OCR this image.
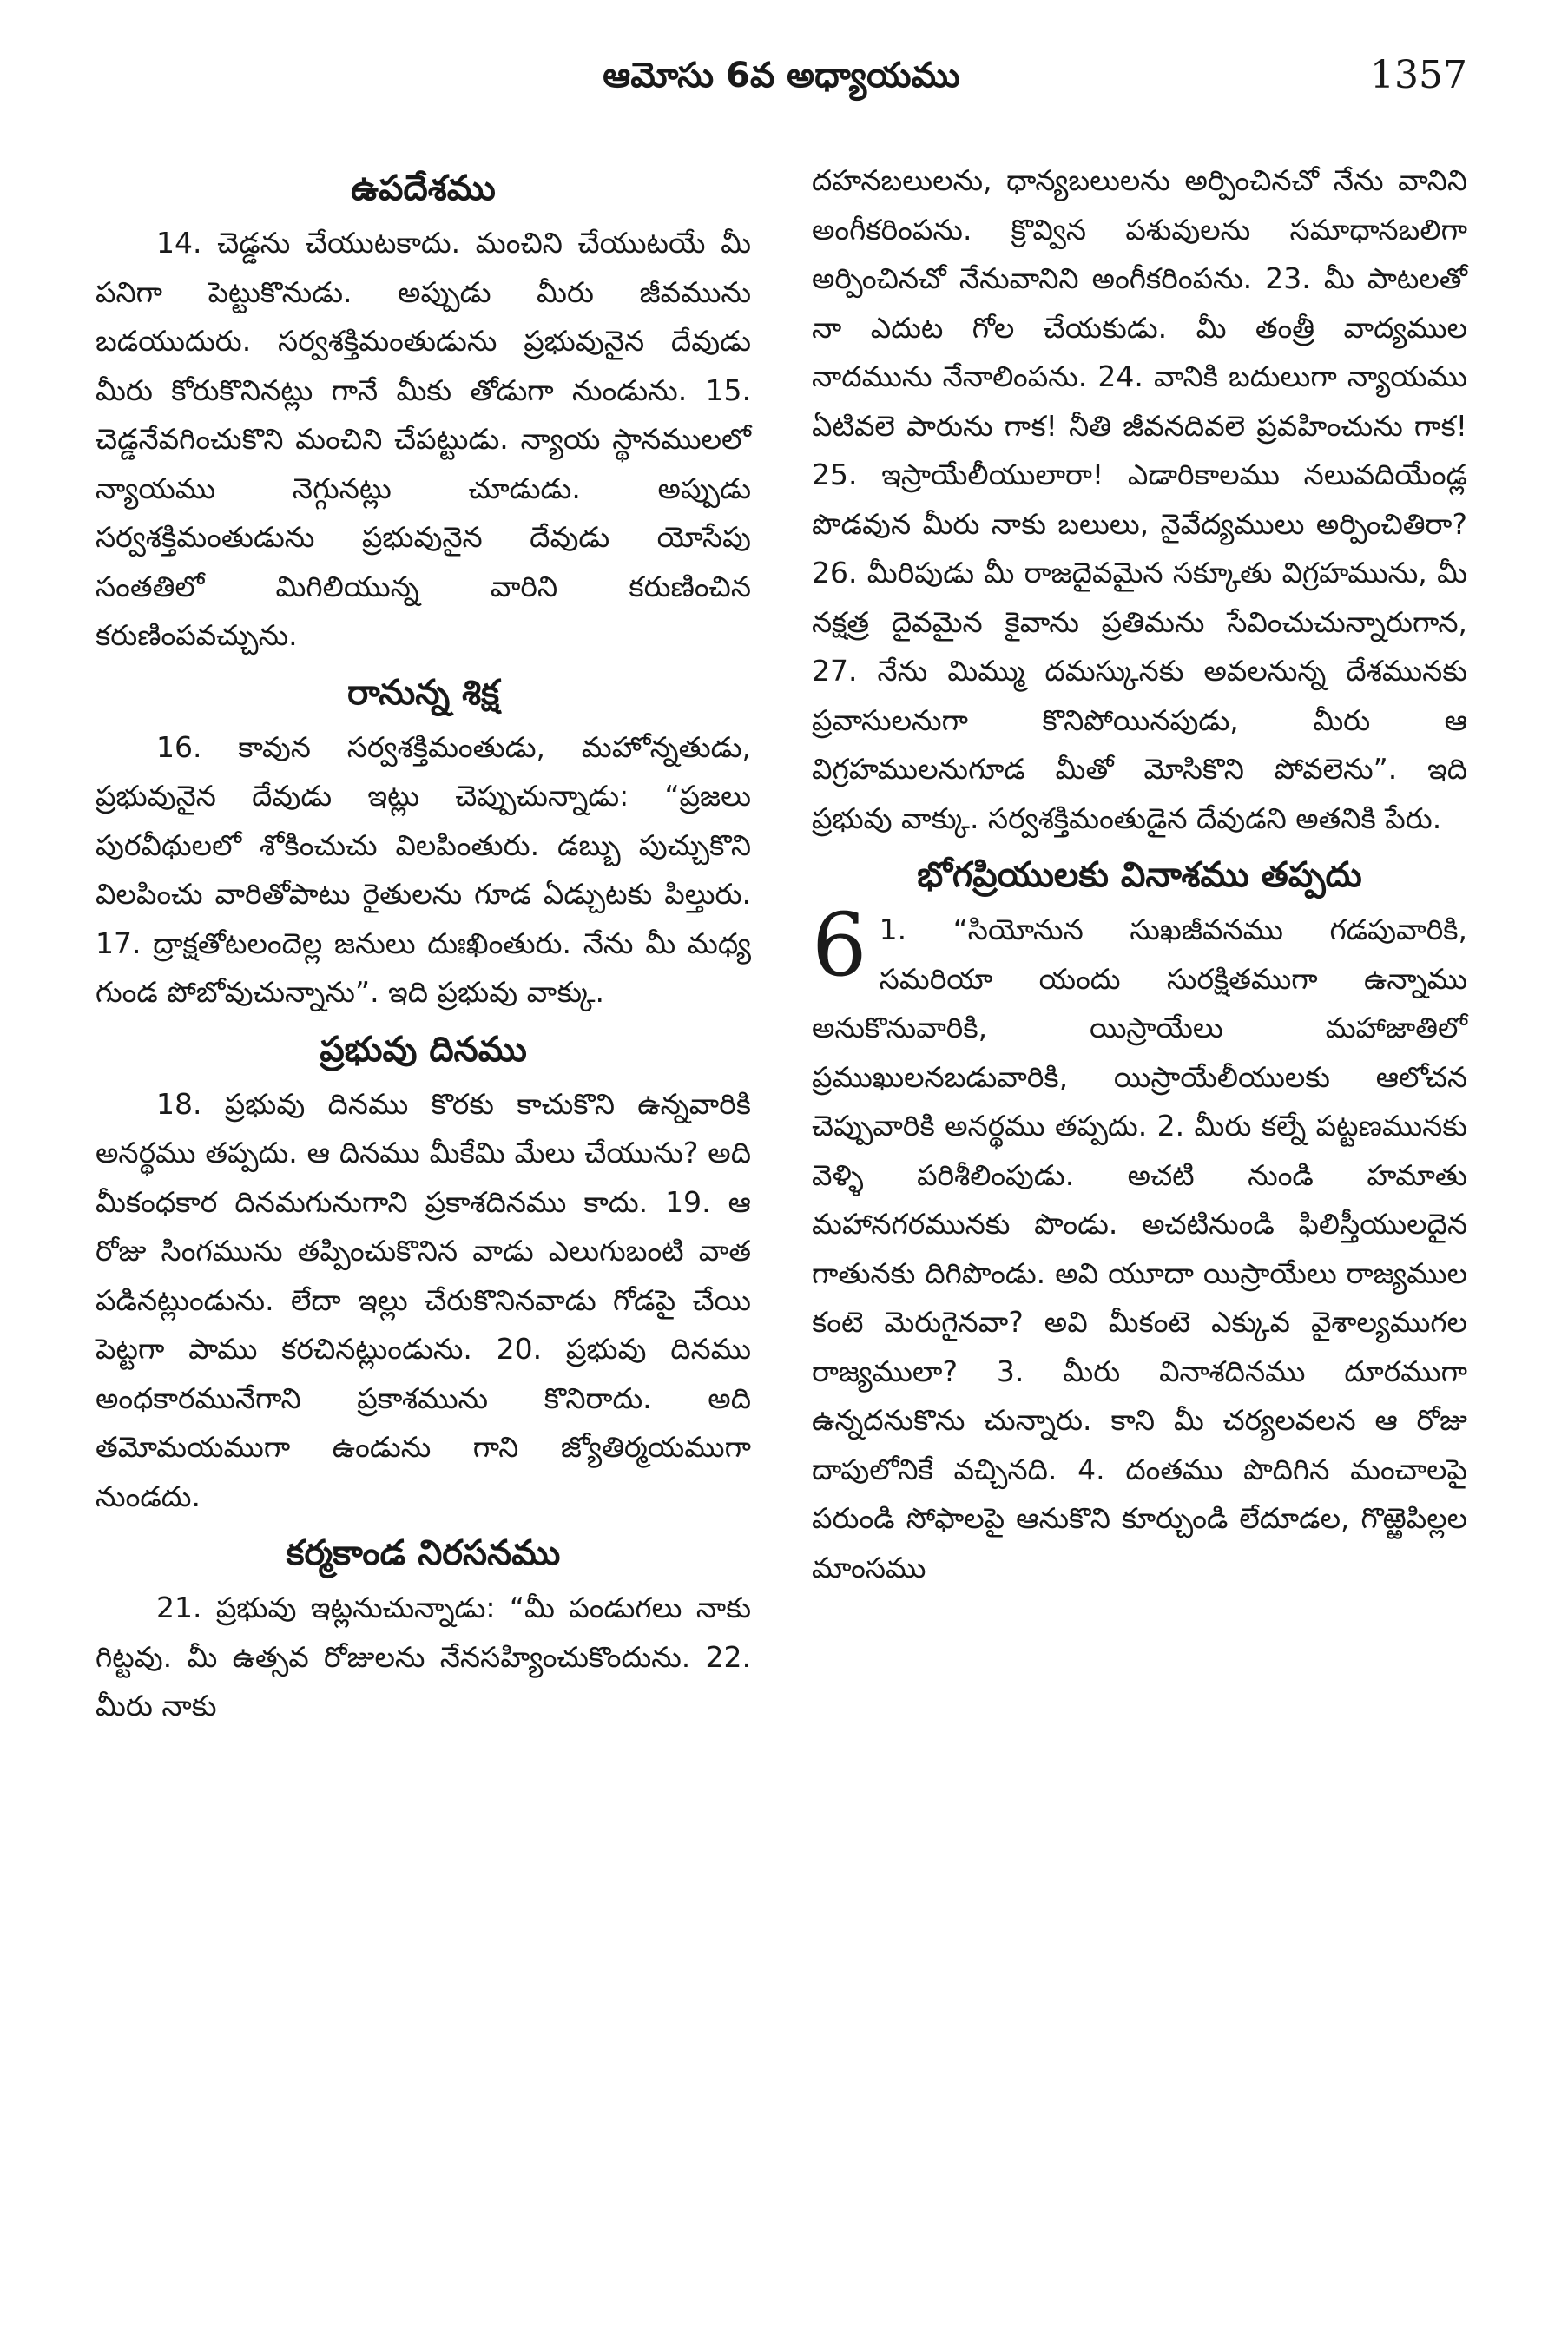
ఆమోసు 6వ అధ్యాయము	1357
ఉపదేశము

14. చెడ్డను చేయుటకాదు. మంచిని చేయుటయే మీ పనిగా పెట్టుకొనుడు. అప్పుడు మీరు జీవమును బడయుదురు. సర్వశక్తిమంతుడును ప్రభువునైన దేవుడు మీరు కోరుకొనినట్లు గానే మీకు తోడుగా నుండును. 15. చెడ్డనేవగించుకొని మంచిని చేపట్టుడు. న్యాయ స్థానములలో న్యాయము నెగ్గునట్లు చూడుడు. అప్పుడు సర్వశక్తిమంతుడును ప్రభువునైన దేవుడు యోసేపు సంతతిలో మిగిలియున్న వారిని కరుణించిన కరుణింపవచ్చును.

రానున్న శిక్ష

16. కావున సర్వశక్తిమంతుడు, మహోన్నతుడు, ప్రభువునైన దేవుడు ఇట్లు చెప్పుచున్నాడు: “ప్రజలు పురవీథులలో శోకించుచు విలపింతురు. డబ్బు పుచ్చుకొని విలపించు వారితోపాటు రైతులను గూడ ఏడ్చుటకు పిల్తురు. 17. ద్రాక్షతోటలందెల్ల జనులు దుఃఖింతురు. నేను మీ మధ్య గుండ పోబోవుచున్నాను”. ఇది ప్రభువు వాక్కు.

ప్రభువు దినము

18. ప్రభువు దినము కొరకు కాచుకొని ఉన్నవారికి అనర్థము తప్పదు. ఆ దినము మీకేమి మేలు చేయును? అది మీకంధకార దినమగునుగాని ప్రకాశదినము కాదు. 19. ఆ రోజు సింగమును తప్పించుకొనిన వాడు ఎలుగుబంటి వాత పడినట్లుండును. లేదా ఇల్లు చేరుకొనినవాడు గోడపై చేయి పెట్టగా పాము కరచినట్లుండును. 20. ప్రభువు దినము అంధకారమునేగాని ప్రకాశమును కొనిరాదు. అది తమోమయముగా ఉండును గాని జ్యోతిర్మయముగా నుండదు.

కర్మకాండ నిరసనము

21. ప్రభువు ఇట్లనుచున్నాడు: “మీ పండుగలు నాకు గిట్టవు. మీ ఉత్సవ రోజులను నేనసహ్యించుకొందును. 22. మీరు నాకు

దహనబలులను, ధాన్యబలులను అర్పించినచో నేను వానిని అంగీకరింపను. క్రొవ్విన పశువులను సమాధానబలిగా అర్పించినచో నేనువానిని అంగీకరింపను. 23. మీ పాటలతో నా ఎదుట గోల చేయకుడు. మీ తంత్రీ వాద్యముల నాదమును నేనాలింపను. 24. వానికి బదులుగా న్యాయము ఏటివలె పారును గాక! నీతి జీవనదివలె ప్రవహించును గాక! 25. ఇస్రాయేలీయులారా! ఎడారికాలము నలువదియేండ్ల పొడవున మీరు నాకు బలులు, నైవేద్యములు అర్పించితిరా? 26. మీరిపుడు మీ రాజదైవమైన సక్కూతు విగ్రహమును, మీ నక్షత్ర దైవమైన కైవాను ప్రతిమను సేవించుచున్నారుగాన, 27. నేను మిమ్ము దమస్కునకు అవలనున్న దేశమునకు ప్రవాసులనుగా కొనిపోయినపుడు, మీరు ఆ విగ్రహములనుగూడ మీతో మోసికొని పోవలెను”. ఇది ప్రభువు వాక్కు. సర్వశక్తిమంతుడైన దేవుడని అతనికి పేరు.

భోగప్రియులకు వినాశము తప్పదు

6 1. “సియోనున సుఖజీవనము గడపువారికి, సమరియా యందు సురక్షితముగా ఉన్నాము అనుకొనువారికి, యిస్రాయేలు మహాజాతిలో ప్రముఖులనబడువారికి, యిస్రాయేలీయులకు ఆలోచన చెప్పువారికి అనర్థము తప్పదు. 2. మీరు కల్నే పట్టణమునకు వెళ్ళి పరిశీలింపుడు. అచటి నుండి హమాతు మహానగరమునకు పొండు. అచటినుండి ఫిలిస్తీయులదైన గాతునకు దిగిపొండు. అవి యూదా యిస్రాయేలు రాజ్యముల కంటె మెరుగైనవా? అవి మీకంటె ఎక్కువ వైశాల్యముగల రాజ్యములా? 3. మీరు వినాశదినము దూరముగా ఉన్నదనుకొను చున్నారు. కాని మీ చర్యలవలన ఆ రోజు దాపులోనికే వచ్చినది. 4. దంతము పొదిగిన మంచాలపై పరుండి సోఫాలపై ఆనుకొని కూర్చుండి లేదూడల, గొఱ్ఱెపిల్లల మాంసము
